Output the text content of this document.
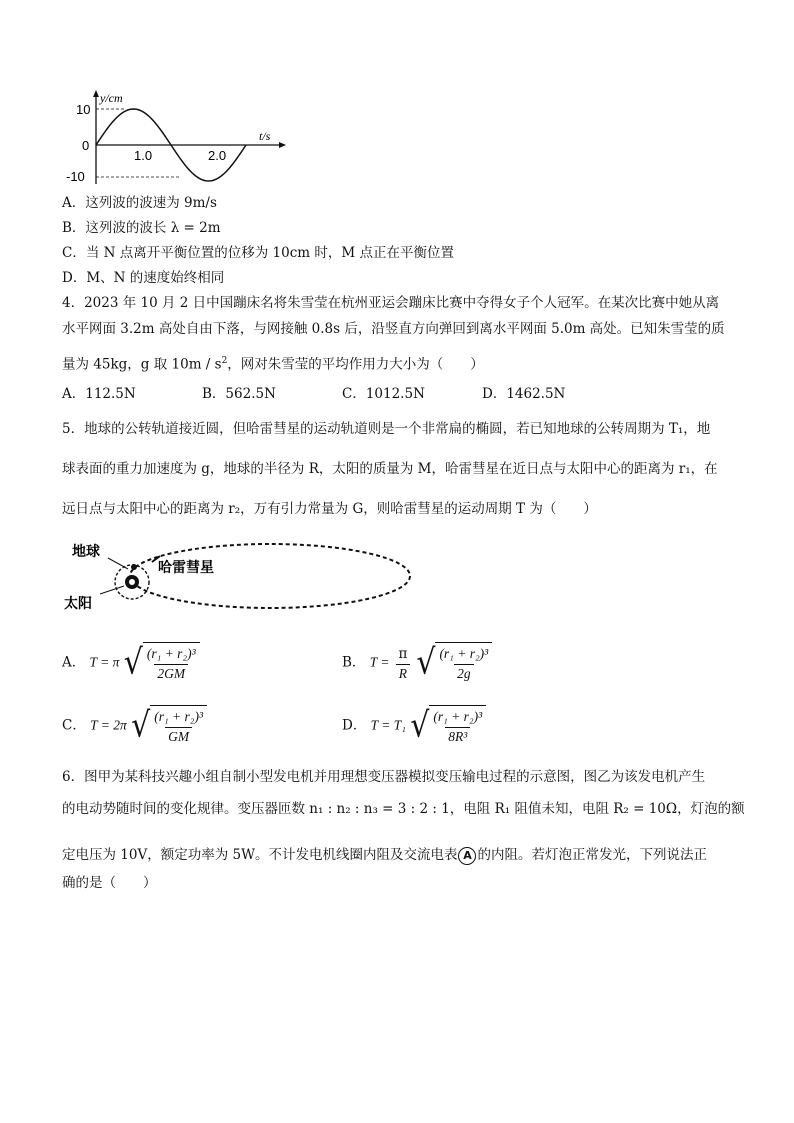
y/cm
t/s
10
0
-10
1.0	2.0
A．这列波的波速为 9m/s
B．这列波的波长 λ = 2m
C．当 N 点离开平衡位置的位移为 10cm 时，M 点正在平衡位置
D．M、N 的速度始终相同
4．2023 年 10 月 2 日中国蹦床名将朱雪莹在杭州亚运会蹦床比赛中夺得女子个人冠军。在某次比赛中她从离
水平网面 3.2m 高处自由下落，与网接触 0.8s 后，沿竖直方向弹回到离水平网面 5.0m 高处。已知朱雪莹的质
量为 45kg，g 取 $10m / s^2$，网对朱雪莹的平均作用力大小为（　　）
A．112.5N	B．562.5N	C．1012.5N	D．1462.5N
5．地球的公转轨道接近圆，但哈雷彗星的运动轨道则是一个非常扁的椭圆，若已知地球的公转周期为 T₁，地
球表面的重力加速度为 g，地球的半径为 R，太阳的质量为 M，哈雷彗星在近日点与太阳中心的距离为 r₁，在
远日点与太阳中心的距离为 r₂，万有引力常量为 G，则哈雷彗星的运动周期 T 为（　　）
地球
哈雷彗星
太阳
A． T = π √ $\frac{\text{(r₁ + r₂)³}}{2GM}$	B． $T = \frac{\pi}{R}$
√ $\frac{\text{(r₁ + r₂)³}}{2g}$
C． T = 2π √ $\frac{\text{(r₁ + r₂)³}}{GM}$	D． T = T₁ √ $\frac{\text{(r₁ + r₂)³}}{\text{8R³}}$
6．图甲为某科技兴趣小组自制小型发电机并用理想变压器模拟变压输电过程的示意图，图乙为该发电机产生
的电动势随时间的变化规律。变压器匝数 n₁ : n₂ : n₃ = 3 : 2 : 1，电阻 R₁ 阻值未知，电阻 R₂ = 10Ω，灯泡的额
定电压为 10V，额定功率为 5W。不计发电机线圈内阻及交流电表 A 的内阻。若灯泡正常发光，下列说法正
确的是（　　）
